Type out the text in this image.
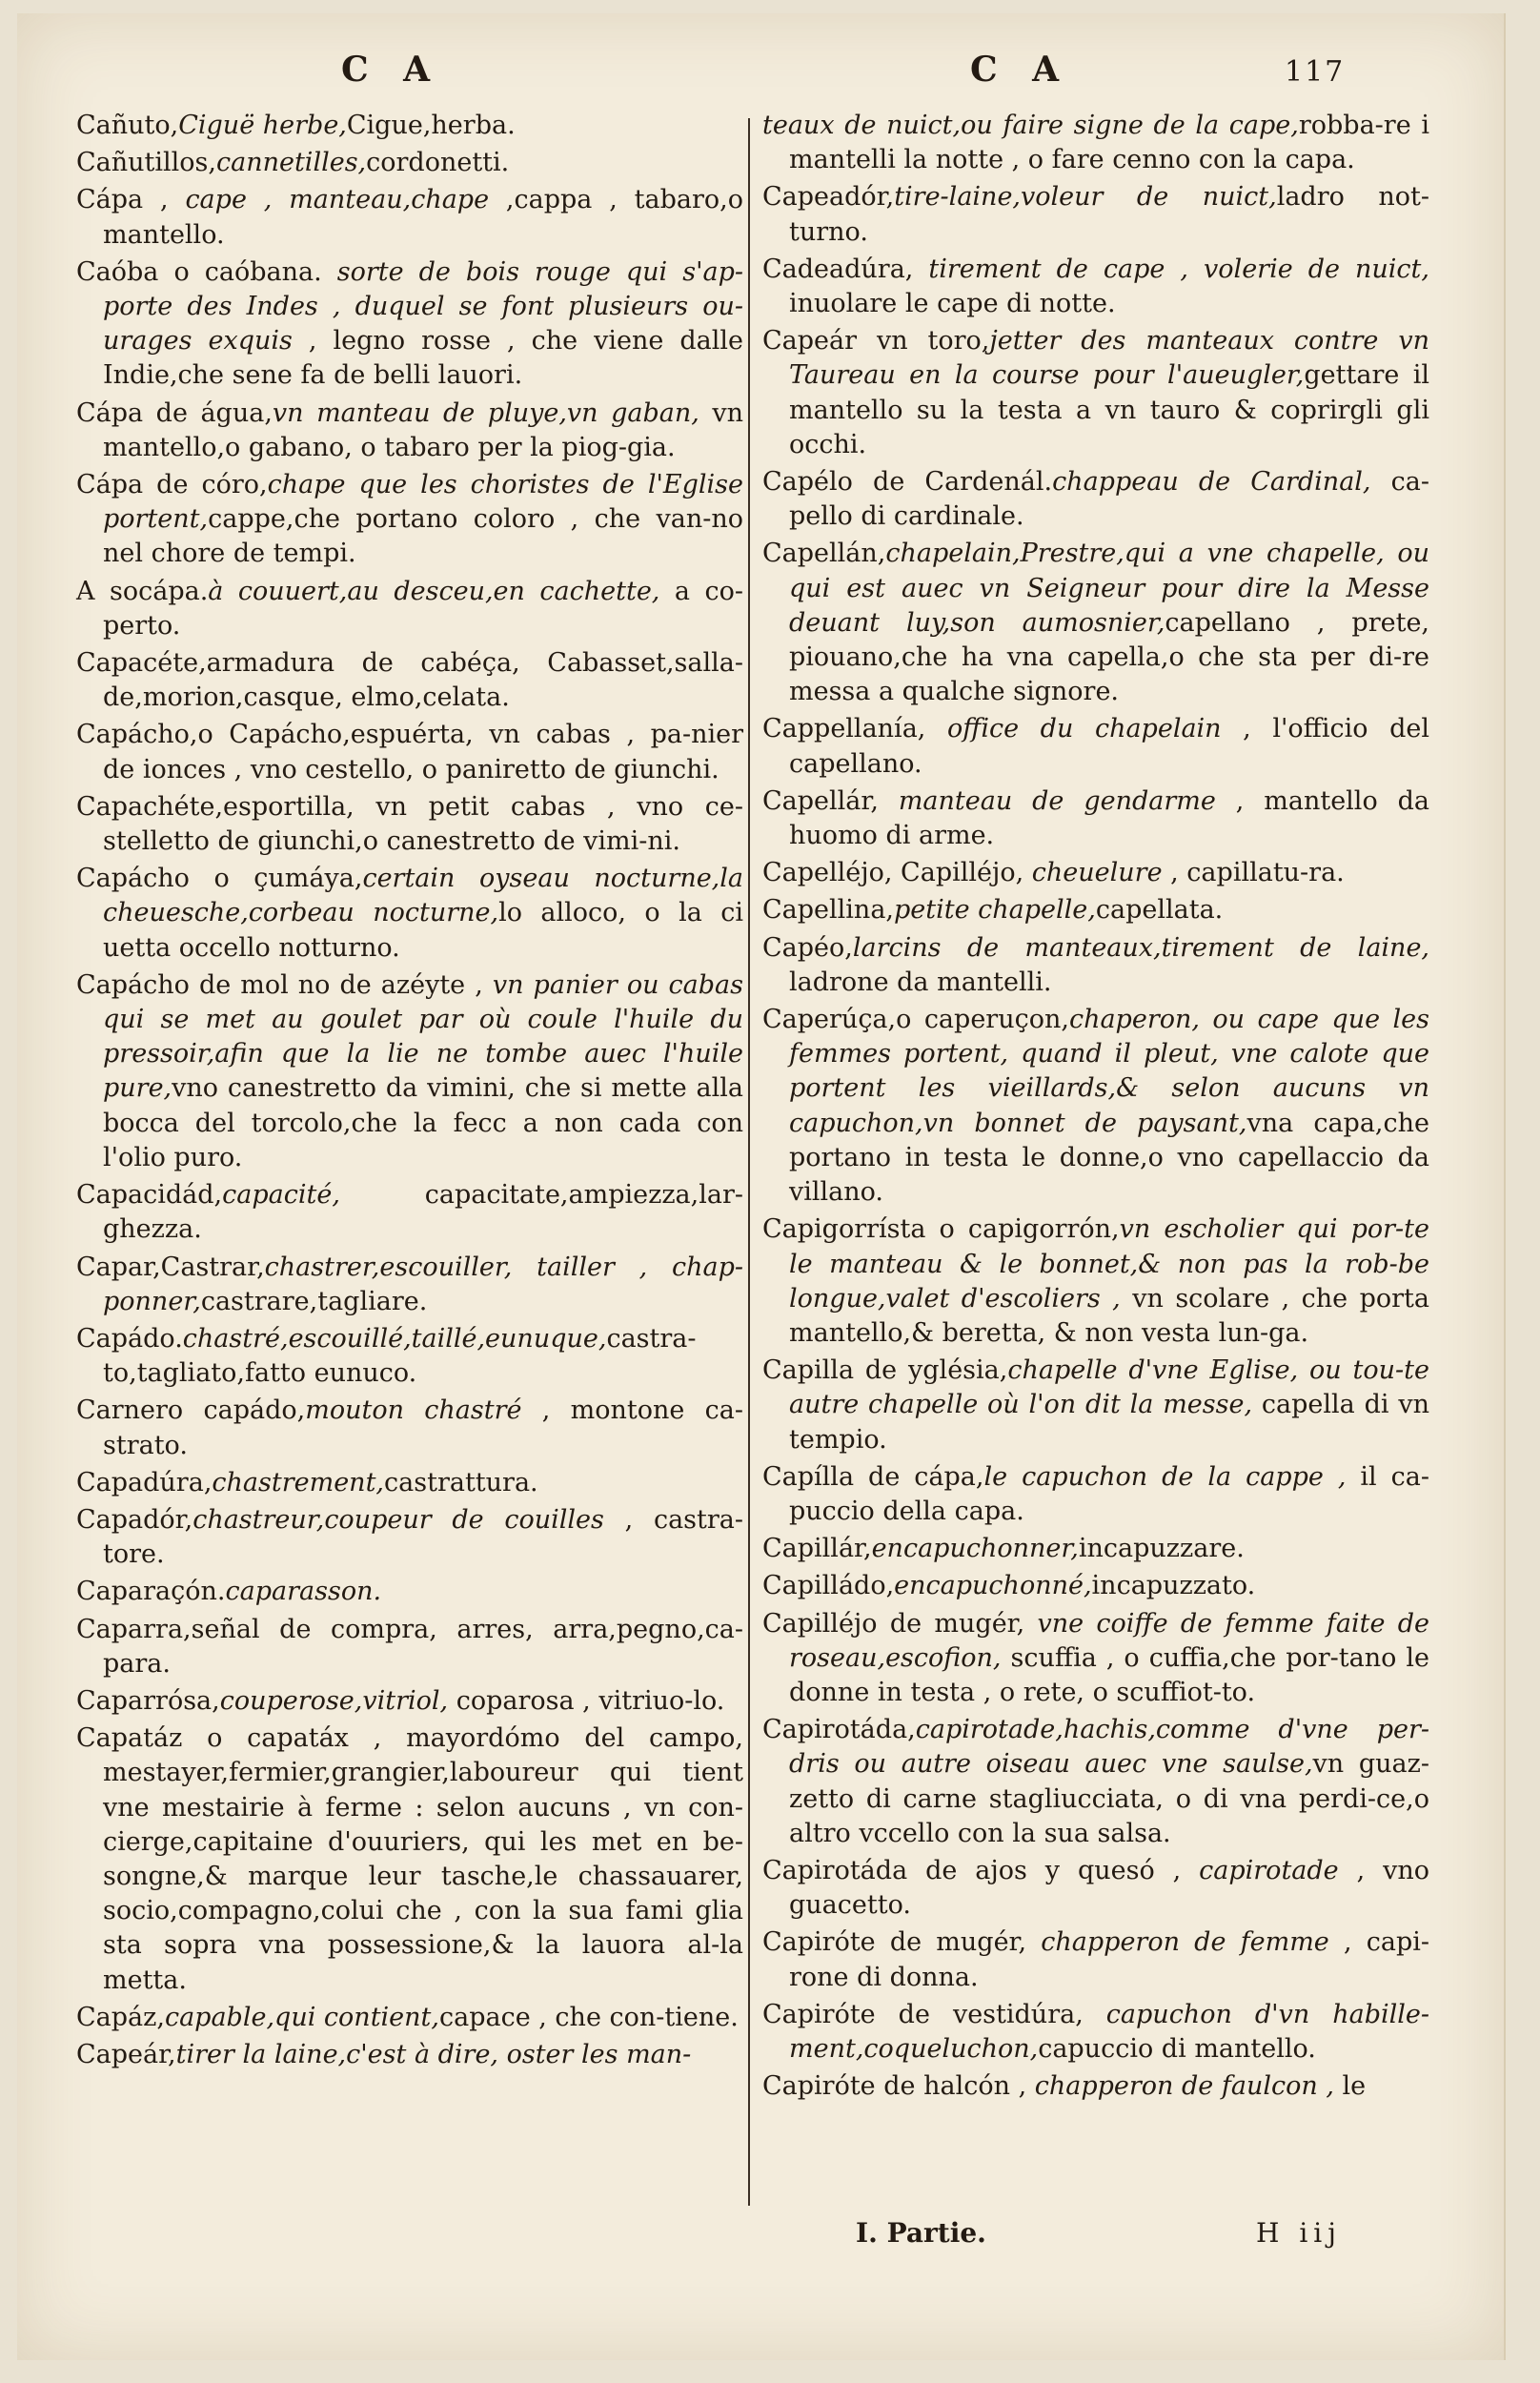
C A	C A	117
Cañuto,Ciguë herbe,Cigue,herba.
Cañutillos,cannetilles,cordonetti.
Cápa , cape , manteau,chape ,cappa , tabaro,o mantello.
Caóba o caóbana. sorte de bois rouge qui s'ap-porte des Indes , duquel se font plusieurs ou-urages exquis , legno rosse , che viene dalle Indie,che sene fa de belli lauori.
Cápa de água,vn manteau de pluye,vn gaban, vn mantello,o gabano, o tabaro per la piog-gia.
Cápa de córo,chape que les choristes de l'Eglise portent,cappe,che portano coloro , che van-no nel chore de tempi.
A socápa.à couuert,au desceu,en cachette, a co-perto.
Capacéte,armadura de cabéça, Cabasset,salla-de,morion,casque, elmo,celata.
Capácho,o Capácho,espuérta, vn cabas , pa-nier de ionces , vno cestello, o paniretto de giunchi.
Capachéte,esportilla, vn petit cabas , vno ce-stelletto de giunchi,o canestretto de vimi-ni.
Capácho o çumáya,certain oyseau nocturne,la cheuesche,corbeau nocturne,lo alloco, o la ci uetta occello notturno.
Capácho de mol no de azéyte , vn panier ou cabas qui se met au goulet par où coule l'huile du pressoir,afin que la lie ne tombe auec l'huile pure,vno canestretto da vimini, che si mette alla bocca del torcolo,che la fecc a non cada con l'olio puro.
Capacidád,capacité, capacitate,ampiezza,lar-ghezza.
Capar,Castrar,chastrer,escouiller, tailler , chap-ponner,castrare,tagliare.
Capádo.chastré,escouillé,taillé,eunuque,castra-to,tagliato,fatto eunuco.
Carnero capádo,mouton chastré , montone ca-strato.
Capadúra,chastrement,castrattura.
Capadór,chastreur,coupeur de couilles , castra-tore.
Caparaçón.caparasson.
Caparra,señal de compra, arres, arra,pegno,ca-para.
Caparrósa,couperose,vitriol, coparosa , vitriuo-lo.
Capatáz o capatáx , mayordómo del campo, mestayer,fermier,grangier,laboureur qui tient vne mestairie à ferme : selon aucuns , vn con-cierge,capitaine d'ouuriers, qui les met en be-songne,& marque leur tasche,le chassauarer, socio,compagno,colui che , con la sua fami glia sta sopra vna possessione,& la lauora al-la metta.
Capáz,capable,qui contient,capace , che con-tiene.
Capeár,tirer la laine,c'est à dire, oster les man-
teaux de nuict,ou faire signe de la cape,robba-re i mantelli la notte , o fare cenno con la capa.
Capeadór,tire-laine,voleur de nuict,ladro not-turno.
Cadeadúra, tirement de cape , volerie de nuict, inuolare le cape di notte.
Capeár vn toro,jetter des manteaux contre vn Taureau en la course pour l'aueugler,gettare il mantello su la testa a vn tauro & coprirgli gli occhi.
Capélo de Cardenál.chappeau de Cardinal, ca-pello di cardinale.
Capellán,chapelain,Prestre,qui a vne chapelle, ou qui est auec vn Seigneur pour dire la Messe deuant luy,son aumosnier,capellano , prete, piouano,che ha vna capella,o che sta per di-re messa a qualche signore.
Cappellanía, office du chapelain , l'officio del capellano.
Capellár, manteau de gendarme , mantello da huomo di arme.
Capelléjo, Capilléjo, cheuelure , capillatu-ra.
Capellina,petite chapelle,capellata.
Capéo,larcins de manteaux,tirement de laine, ladrone da mantelli.
Caperúça,o caperuçon,chaperon, ou cape que les femmes portent, quand il pleut, vne calote que portent les vieillards,& selon aucuns vn capuchon,vn bonnet de paysant,vna capa,che portano in testa le donne,o vno capellaccio da villano.
Capigorrísta o capigorrón,vn escholier qui por-te le manteau & le bonnet,& non pas la rob-be longue,valet d'escoliers , vn scolare , che porta mantello,& beretta, & non vesta lun-ga.
Capilla de yglésia,chapelle d'vne Eglise, ou tou-te autre chapelle où l'on dit la messe, capella di vn tempio.
Capílla de cápa,le capuchon de la cappe , il ca-puccio della capa.
Capillár,encapuchonner,incapuzzare.
Capilládo,encapuchonné,incapuzzato.
Capilléjo de mugér, vne coiffe de femme faite de roseau,escofion, scuffia , o cuffia,che por-tano le donne in testa , o rete, o scuffiot-to.
Capirotáda,capirotade,hachis,comme d'vne per-dris ou autre oiseau auec vne saulse,vn guaz-zetto di carne stagliucciata, o di vna perdi-ce,o altro vccello con la sua salsa.
Capirotáda de ajos y quesó , capirotade , vno guacetto.
Capiróte de mugér, chapperon de femme , capi-rone di donna.
Capiróte de vestidúra, capuchon d'vn habille-ment,coqueluchon,capuccio di mantello.
Capiróte de halcón , chapperon de faulcon , le
I. Partie.	H iij
